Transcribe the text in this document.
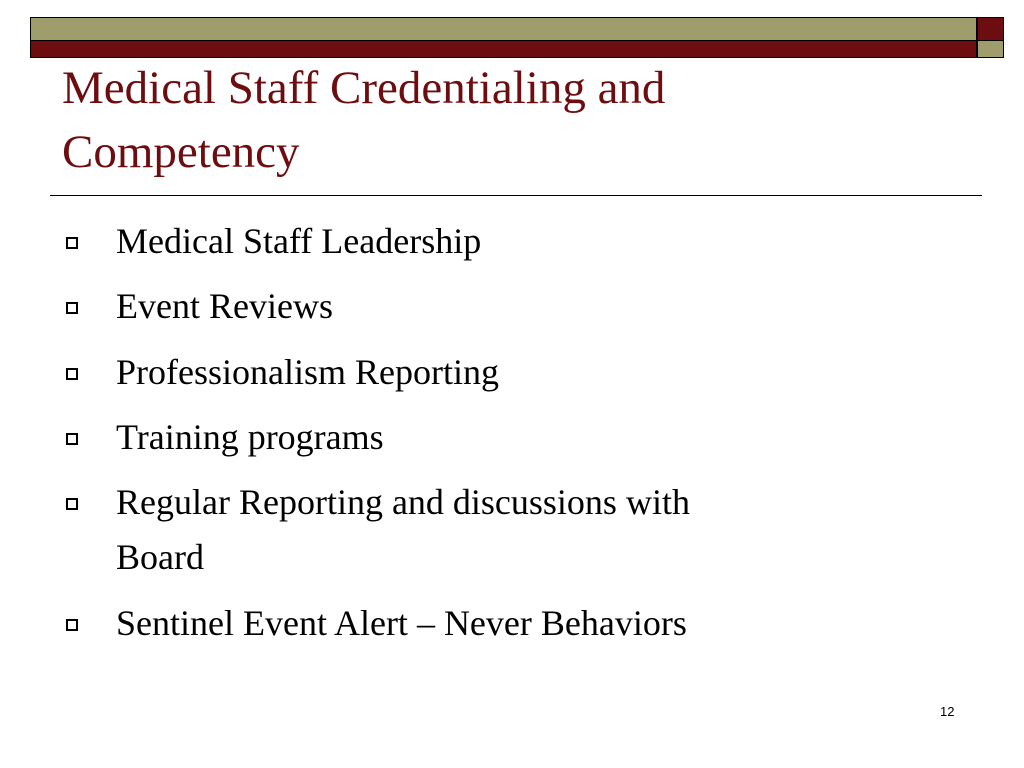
Medical Staff Credentialing and
Competency
Medical Staff Leadership
Event Reviews
Professionalism Reporting
Training programs
Regular Reporting and discussions with
Board
Sentinel Event Alert – Never Behaviors
12
